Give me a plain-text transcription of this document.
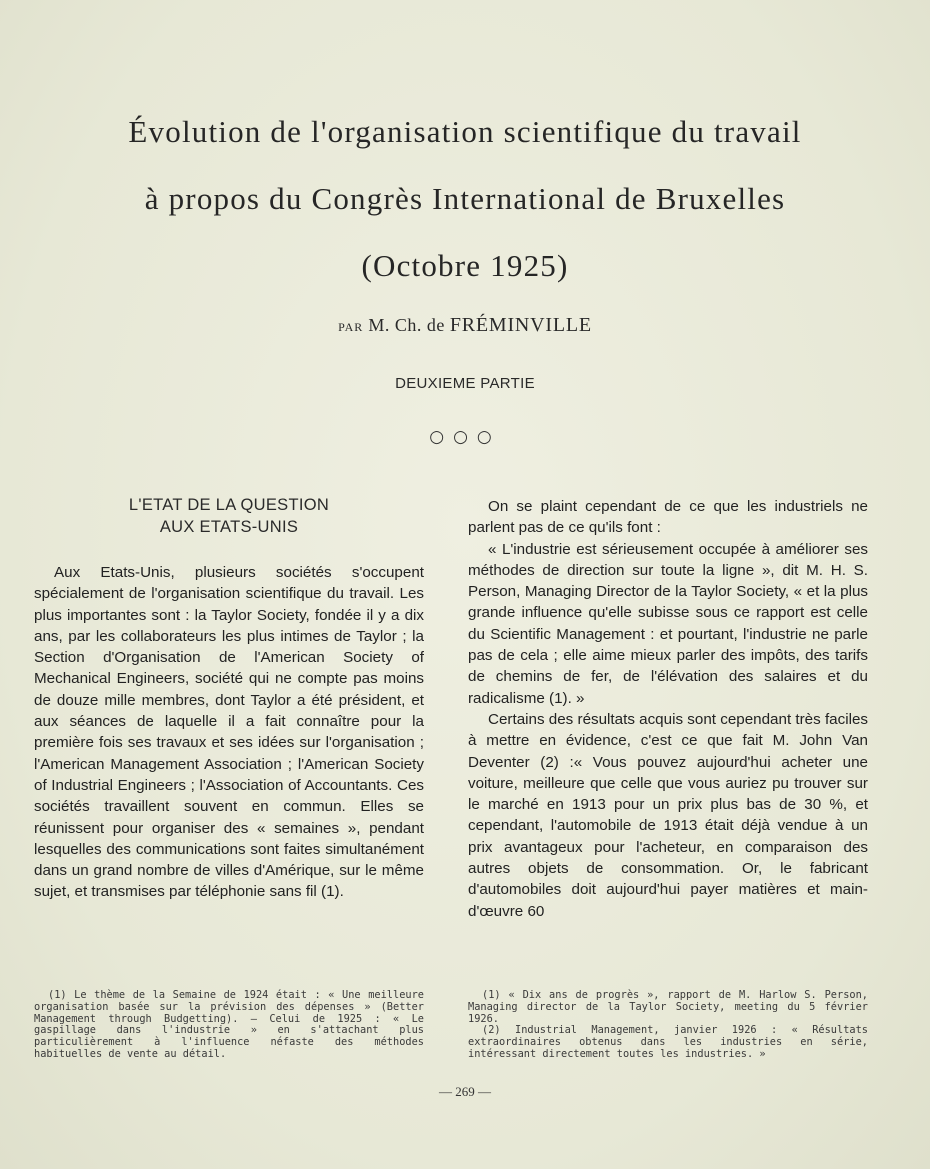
Évolution de l'organisation scientifique du travail
à propos du Congrès International de Bruxelles
(Octobre 1925)
PAR M. Ch. de FRÉMINVILLE
DEUXIEME PARTIE
○○○
L'ETAT DE LA QUESTION
AUX ETATS-UNIS

Aux Etats-Unis, plusieurs sociétés s'occupent spécialement de l'organisation scientifique du travail. Les plus importantes sont : la Taylor Society, fondée il y a dix ans, par les collaborateurs les plus intimes de Taylor ; la Section d'Organisation de l'American Society of Mechanical Engineers, société qui ne compte pas moins de douze mille membres, dont Taylor a été président, et aux séances de laquelle il a fait connaître pour la première fois ses travaux et ses idées sur l'organisation ; l'American Management Association ; l'American Society of Industrial Engineers ; l'Association of Accountants. Ces sociétés travaillent souvent en commun. Elles se réunissent pour organiser des « semaines », pendant lesquelles des communications sont faites simultanément dans un grand nombre de villes d'Amérique, sur le même sujet, et transmises par téléphonie sans fil (1).

On se plaint cependant de ce que les industriels ne parlent pas de ce qu'ils font :

« L'industrie est sérieusement occupée à améliorer ses méthodes de direction sur toute la ligne », dit M. H. S. Person, Managing Director de la Taylor Society, « et la plus grande influence qu'elle subisse sous ce rapport est celle du Scientific Management : et pourtant, l'industrie ne parle pas de cela ; elle aime mieux parler des impôts, des tarifs de chemins de fer, de l'élévation des salaires et du radicalisme (1). »

Certains des résultats acquis sont cependant très faciles à mettre en évidence, c'est ce que fait M. John Van Deventer (2) :« Vous pouvez aujourd'hui acheter une voiture, meilleure que celle que vous auriez pu trouver sur le marché en 1913 pour un prix plus bas de 30 %, et cependant, l'automobile de 1913 était déjà vendue à un prix avantageux pour l'acheteur, en comparaison des autres objets de consommation. Or, le fabricant d'automobiles doit aujourd'hui payer matières et main-d'œuvre 60

(1) Le thème de la Semaine de 1924 était : « Une meilleure organisation basée sur la prévision des dépenses » (Better Management through Budgetting). — Celui de 1925 : « Le gaspillage dans l'industrie » en s'attachant plus particulièrement à l'influence néfaste des méthodes habituelles de vente au détail.

(1) « Dix ans de progrès », rapport de M. Harlow S. Person, Managing director de la Taylor Society, meeting du 5 février 1926.

(2) Industrial Management, janvier 1926 : « Résultats extraordinaires obtenus dans les industries en série, intéressant directement toutes les industries. »

— 269 —
